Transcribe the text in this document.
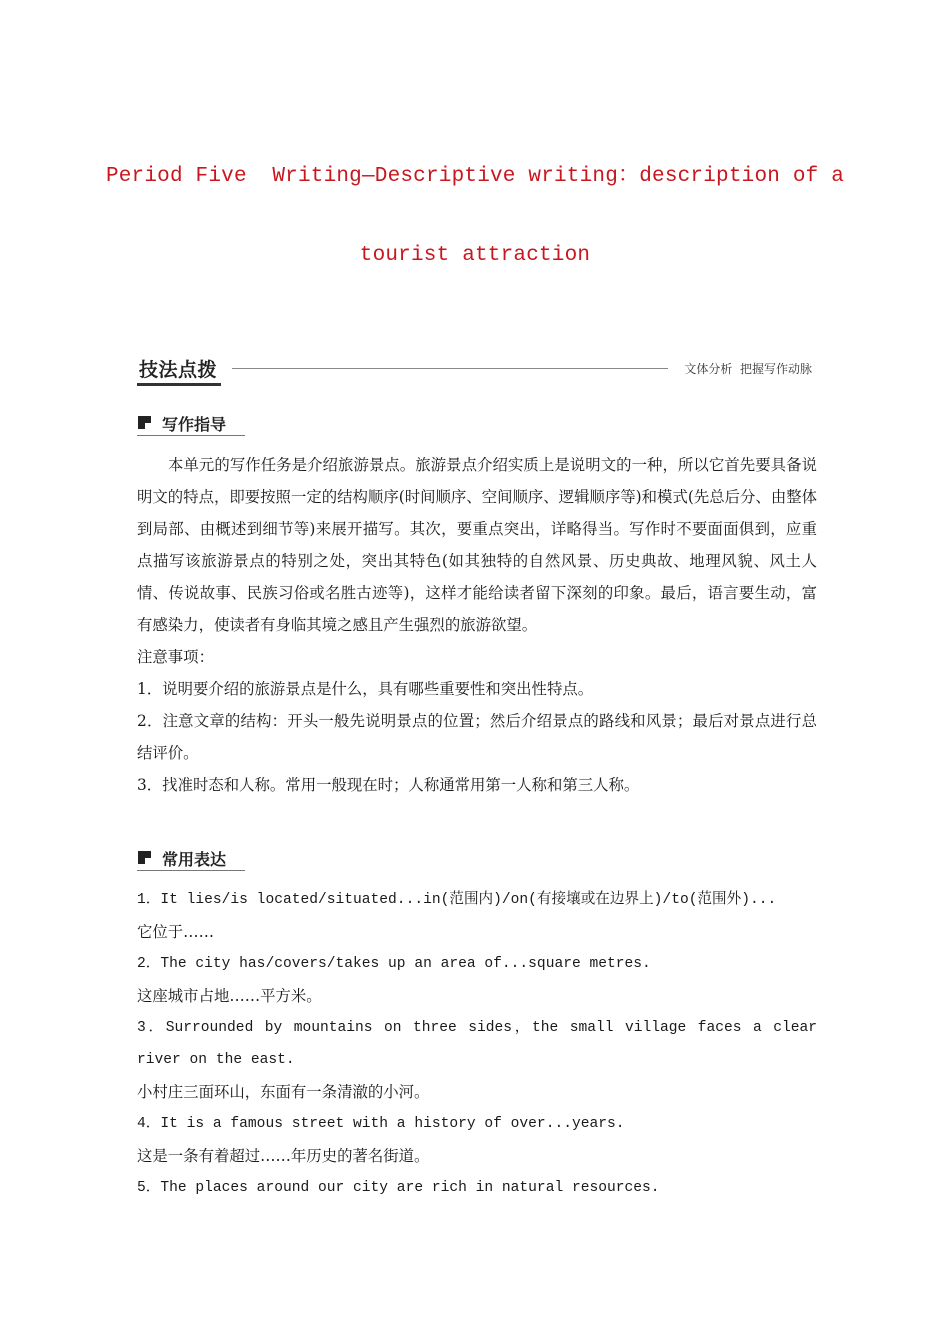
Period Five  Writing—Descriptive writing：description of a
tourist attraction
技法点拨	文体分析  把握写作动脉
写作指导

本单元的写作任务是介绍旅游景点。旅游景点介绍实质上是说明文的一种，所以它首先要具备说明文的特点，即要按照一定的结构顺序(时间顺序、空间顺序、逻辑顺序等)和模式(先总后分、由整体到局部、由概述到细节等)来展开描写。其次，要重点突出，详略得当。写作时不要面面俱到，应重点描写该旅游景点的特别之处，突出其特色(如其独特的自然风景、历史典故、地理风貌、风土人情、传说故事、民族习俗或名胜古迹等)，这样才能给读者留下深刻的印象。最后，语言要生动，富有感染力，使读者有身临其境之感且产生强烈的旅游欲望。

注意事项：

1．说明要介绍的旅游景点是什么，具有哪些重要性和突出性特点。

2．注意文章的结构：开头一般先说明景点的位置；然后介绍景点的路线和风景；最后对景点进行总结评价。

3．找准时态和人称。常用一般现在时；人称通常用第一人称和第三人称。

常用表达

1．It lies/is located/situated...in(范围内)/on(有接壤或在边界上)/to(范围外)...

它位于……

2．The city has/covers/takes up an area of...square metres.

这座城市占地……平方米。

3．Surrounded by mountains on three sides，the small village faces a clear river on the east.

小村庄三面环山，东面有一条清澈的小河。

4．It is a famous street with a history of over...years.

这是一条有着超过……年历史的著名街道。

5．The places around our city are rich in natural resources.
